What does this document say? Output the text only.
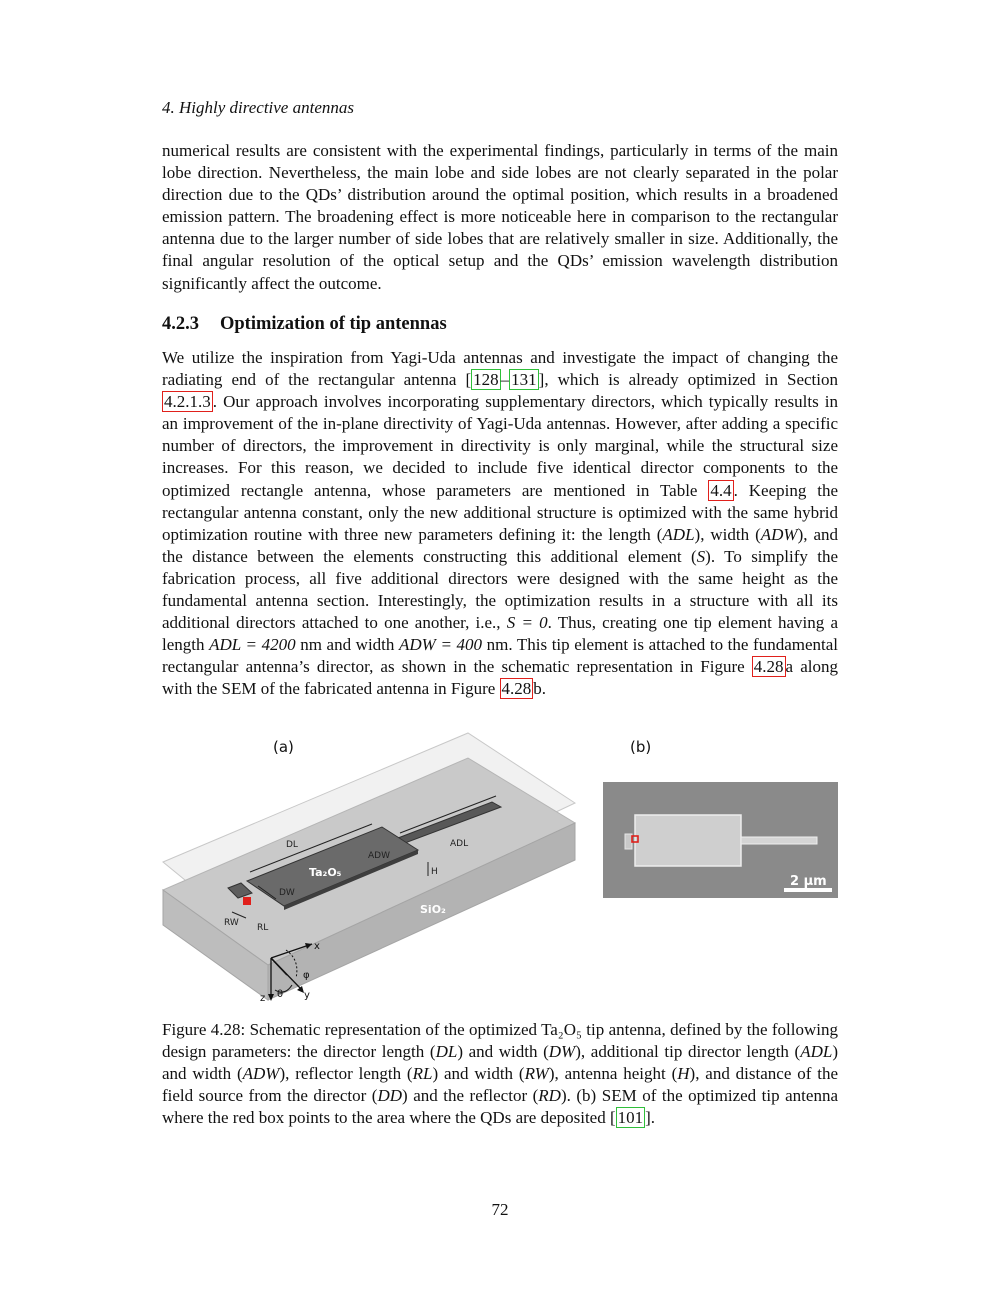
4. Highly directive antennas

numerical results are consistent with the experimental findings, particularly in terms of the main lobe direction. Nevertheless, the main lobe and side lobes are not clearly separated in the polar direction due to the QDs’ distribution around the optimal position, which results in a broadened emission pattern. The broadening effect is more noticeable here in comparison to the rectangular antenna due to the larger number of side lobes that are relatively smaller in size. Additionally, the final angular resolution of the optical setup and the QDs’ emission wavelength distribution significantly affect the outcome.

4.2.3 Optimization of tip antennas

We utilize the inspiration from Yagi-Uda antennas and investigate the impact of changing the radiating end of the rectangular antenna [ 128 – 131 ], which is already optimized in Section 4.2.1.3 . Our approach involves incorporating supplementary directors, which typically results in an improvement of the in-plane directivity of Yagi-Uda antennas. However, after adding a specific number of directors, the improvement in directivity is only marginal, while the structural size increases. For this reason, we decided to include five identical director components to the optimized rectangle antenna, whose parameters are mentioned in Table 4.4 . Keeping the rectangular antenna constant, only the new additional structure is optimized with the same hybrid optimization routine with three new parameters defining it: the length (ADL), width (ADW), and the distance between the elements constructing this additional element (S). To simplify the fabrication process, all five additional directors were designed with the same height as the fundamental antenna section. Interestingly, the optimization results in a structure with all its additional directors attached to one another, i.e., S = 0. Thus, creating one tip element having a length ADL = 4200 nm and width ADW = 400 nm. This tip element is attached to the fundamental rectangular antenna’s director, as shown in the schematic representation in Figure 4.28 a along with the SEM of the fabricated antenna in Figure 4.28 b.

(a)	(b)
DL
ADW
ADL
H
DW
RW RL
Ta₂O₅
SiO₂
x
y
z
φ
θ
2 µm

Figure 4.28: Schematic representation of the optimized Ta₂O₅ tip antenna, defined by the following design parameters: the director length (DL) and width (DW), additional tip director length (ADL) and width (ADW), reflector length (RL) and width (RW), antenna height (H), and distance of the field source from the director (DD) and the reflector (RD). (b) SEM of the optimized tip antenna where the red box points to the area where the QDs are deposited [ 101 ].

72
